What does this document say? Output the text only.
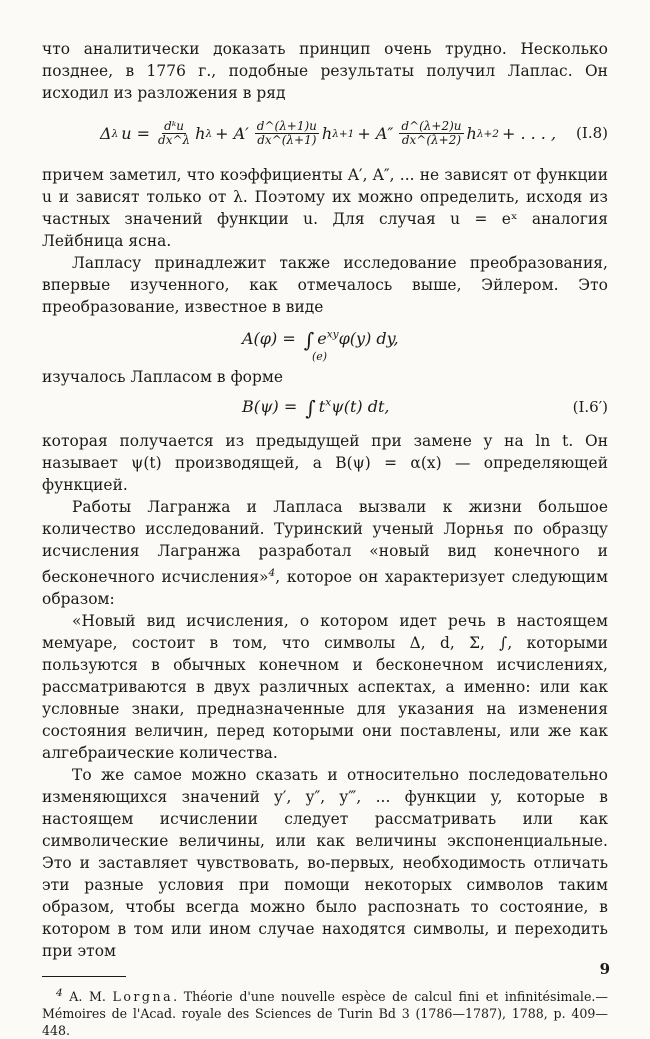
что аналитически доказать принцип очень трудно. Несколько позднее, в 1776 г., подобные результаты получил Лаплас. Он исходил из разложения в ряд

Δ λ $u = \frac{\text{dᵏu}}{dx\^{}\lambda}$ h $\lambda + A' \frac{d\^{}(\lambda+1)u}{dx\^{}(\lambda+1)}$ h $\lambda+1 + A'' \frac{d\^{}(\lambda+2)u}{dx\^{}(\lambda+2)}$ h λ+2 + . . . , (I.8)

причем заметил, что коэффициенты A′, A″, ... не зависят от функции u и зависят только от λ. Поэтому их можно определить, исходя из частных значений функции u. Для случая u = eˣ аналогия Лейбница ясна.

Лапласу принадлежит также исследование преобразования, впервые изученного, как отмечалось выше, Эйлером. Это преобразование, известное в виде

A(φ) = ∫ $e^{xy}\varphi(y)$ dy,
(e)

изучалось Лапласом в форме

B(ψ) = ∫ $t^x\psi(t)$ dt,	(I.6′)

которая получается из предыдущей при замене y на ln t. Он называет ψ(t) производящей, а B(ψ) = α(x) — определяющей функцией.

Работы Лагранжа и Лапласа вызвали к жизни большое количество исследований. Туринский ученый Лорнья по образцу исчисления Лагранжа разработал «новый вид конечного и бесконечного исчисления»$^4$, которое он характеризует следующим образом:

«Новый вид исчисления, о котором идет речь в настоящем мемуаре, состоит в том, что символы Δ, d, Σ, ∫, которыми пользуются в обычных конечном и бесконечном исчислениях, рассматриваются в двух различных аспектах, а именно: или как условные знаки, предназначенные для указания на изменения состояния величин, перед которыми они поставлены, или же как алгебраические количества.

То же самое можно сказать и относительно последовательно изменяющихся значений y′, y″, y‴, ... функции y, которые в настоящем исчислении следует рассматривать или как символические величины, или как величины экспоненциальные. Это и заставляет чувствовать, во-первых, необходимость отличать эти разные условия при помощи некоторых символов таким образом, чтобы всегда можно было распознать то состояние, в котором в том или ином случае находятся символы, и переходить при этом

$^4$ A. M. Lorgna. Théorie d'une nouvelle espèce de calcul fini et infinitésimale.— Mémoires de l'Acad. royale des Sciences de Turin Bd 3 (1786—1787), 1788, p. 409—448.

9
